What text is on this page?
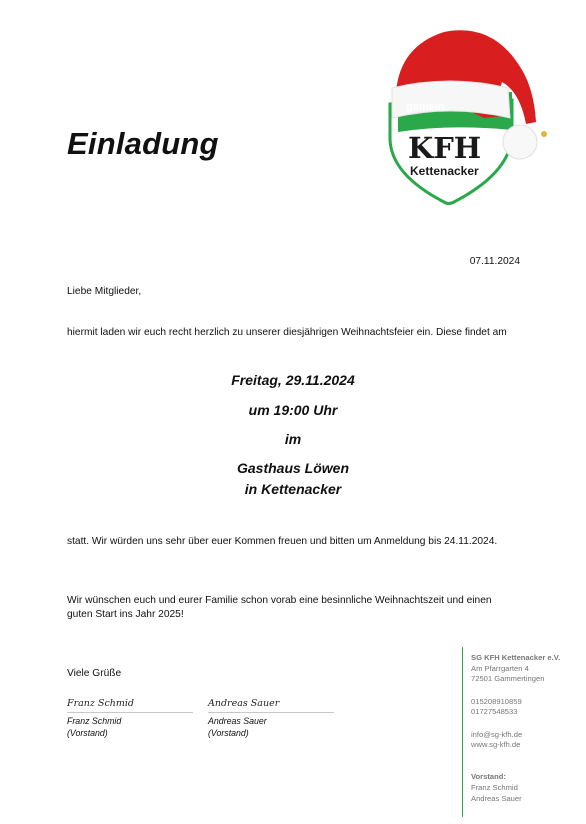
gemein
KFH
Kettenacker
Einladung
07.11.2024
Liebe Mitglieder,
hiermit laden wir euch recht herzlich zu unserer diesjährigen Weihnachtsfeier ein. Diese findet am
Freitag, 29.11.2024
um 19:00 Uhr
im
Gasthaus Löwen
in Kettenacker
statt. Wir würden uns sehr über euer Kommen freuen und bitten um Anmeldung bis 24.11.2024.
Wir wünschen euch und eurer Familie schon vorab eine besinnliche Weihnachtszeit und einen guten Start ins Jahr 2025!
Viele Grüße
Franz Schmid
Franz Schmid
(Vorstand)
Andreas Sauer
Andreas Sauer
(Vorstand)
SG KFH Kettenacker e.V.
Am Pfarrgarten 4
72501 Gammertingen
015208910859
01727548533
info@sg-kfh.de
www.sg-kfh.de
Vorstand:
Franz Schmid
Andreas Sauer
